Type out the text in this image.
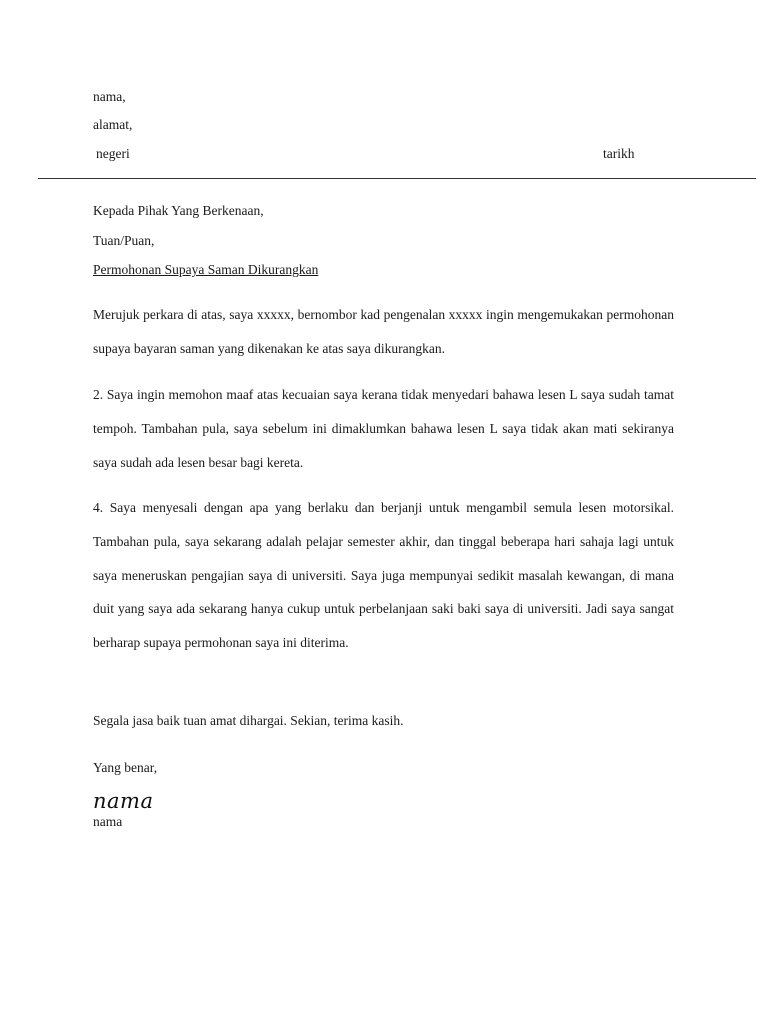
nama,
alamat,
negeri	tarikh
Kepada Pihak Yang Berkenaan,
Tuan/Puan,
Permohonan Supaya Saman Dikurangkan

Merujuk perkara di atas, saya xxxxx, bernombor kad pengenalan xxxxx ingin mengemukakan permohonan supaya bayaran saman yang dikenakan ke atas saya dikurangkan.

2. Saya ingin memohon maaf atas kecuaian saya kerana tidak menyedari bahawa lesen L saya sudah tamat tempoh. Tambahan pula, saya sebelum ini dimaklumkan bahawa lesen L saya tidak akan mati sekiranya saya sudah ada lesen besar bagi kereta.

4. Saya menyesali dengan apa yang berlaku dan berjanji untuk mengambil semula lesen motorsikal. Tambahan pula, saya sekarang adalah pelajar semester akhir, dan tinggal beberapa hari sahaja lagi untuk saya meneruskan pengajian saya di universiti. Saya juga mempunyai sedikit masalah kewangan, di mana duit yang saya ada sekarang hanya cukup untuk perbelanjaan saki baki saya di universiti. Jadi saya sangat berharap supaya permohonan saya ini diterima.

Segala jasa baik tuan amat dihargai. Sekian, terima kasih.
Yang benar,
nama
nama
